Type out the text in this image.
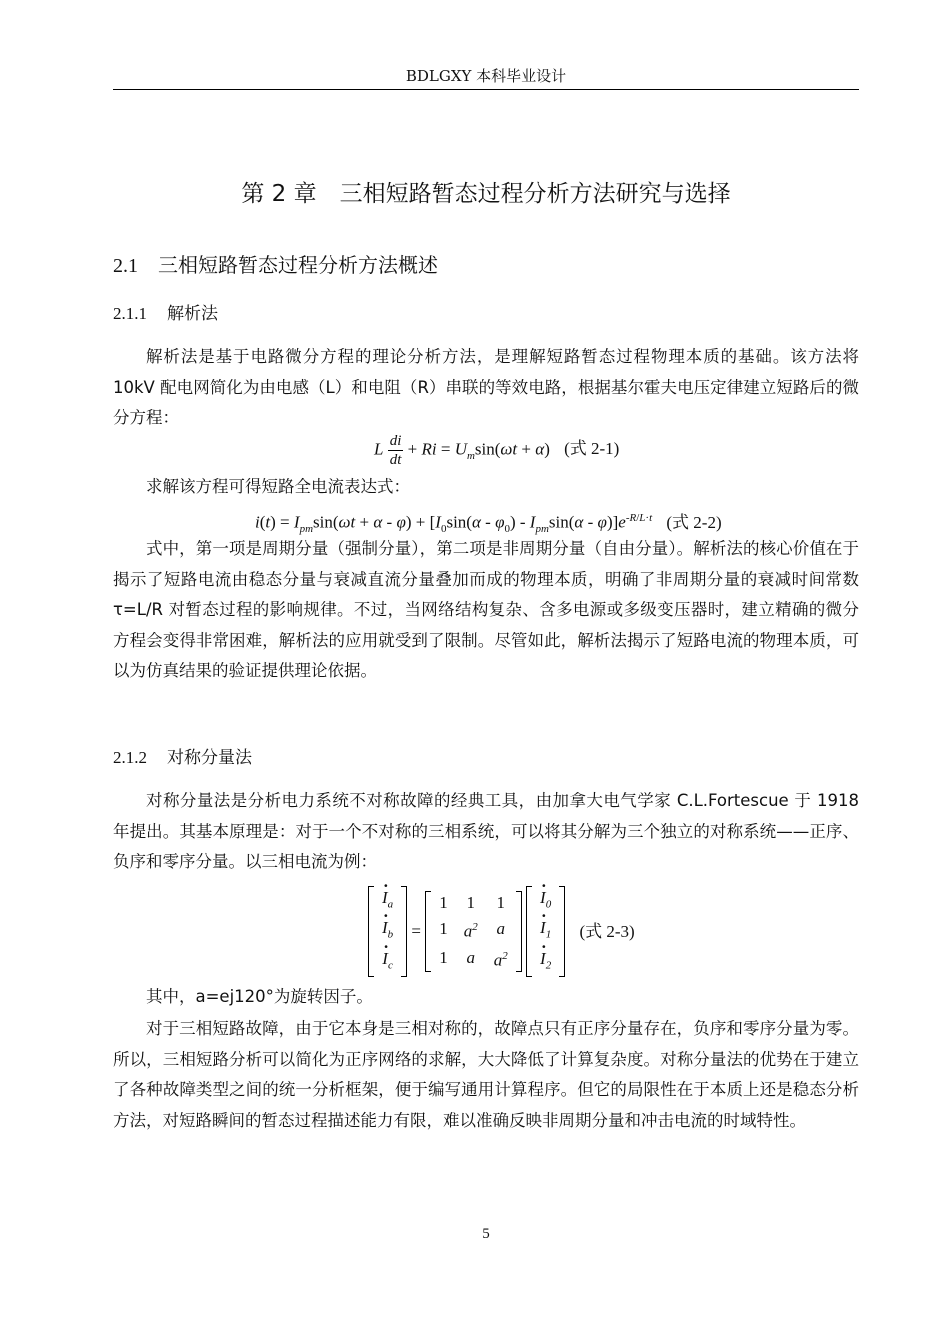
BDLGXY 本科毕业设计
第 2 章　三相短路暂态过程分析方法研究与选择
2.1 三相短路暂态过程分析方法概述
2.1.1 解析法
解析法是基于电路微分方程的理论分析方法，是理解短路暂态过程物理本质的基础。该方法将 10kV 配电网简化为由电感（L）和电阻（R）串联的等效电路，根据基尔霍夫电压定律建立短路后的微分方程：
L $\frac{di}{dt} + Ri = U_m\sin(\omega t + \alpha)$ (式 2-1)
求解该方程可得短路全电流表达式：
$i(t) = I_{pm}\sin(\omega t + \alpha - \varphi) + [I_0\sin(\alpha - \varphi_0) - I_{pm}\sin(\alpha - \varphi)]e^{-R/L\cdot t}$ (式 2-2)
式中，第一项是周期分量（强制分量），第二项是非周期分量（自由分量）。解析法的核心价值在于揭示了短路电流由稳态分量与衰减直流分量叠加而成的物理本质，明确了非周期分量的衰减时间常数 τ=L/R 对暂态过程的影响规律。不过，当网络结构复杂、含多电源或多级变压器时，建立精确的微分方程会变得非常困难，解析法的应用就受到了限制。尽管如此，解析法揭示了短路电流的物理本质，可以为仿真结果的验证提供理论依据。
2.1.2 对称分量法
对称分量法是分析电力系统不对称故障的经典工具，由加拿大电气学家 C.L.Fortescue 于 1918 年提出。其基本原理是：对于一个不对称的三相系统，可以将其分解为三个独立的对称系统——正序、负序和零序分量。以三相电流为例：
· $I_a$
· $I_b$
· $I_c$
=
1	1	1
1	$a^2$	a
1	a	$a^2$

· $I_0$
· $I_1$
· $I_2$
(式 2-3)
其中，a=ej120°为旋转因子。
对于三相短路故障，由于它本身是三相对称的，故障点只有正序分量存在，负序和零序分量为零。所以，三相短路分析可以简化为正序网络的求解，大大降低了计算复杂度。对称分量法的优势在于建立了各种故障类型之间的统一分析框架，便于编写通用计算程序。但它的局限性在于本质上还是稳态分析方法，对短路瞬间的暂态过程描述能力有限，难以准确反映非周期分量和冲击电流的时域特性。
5
